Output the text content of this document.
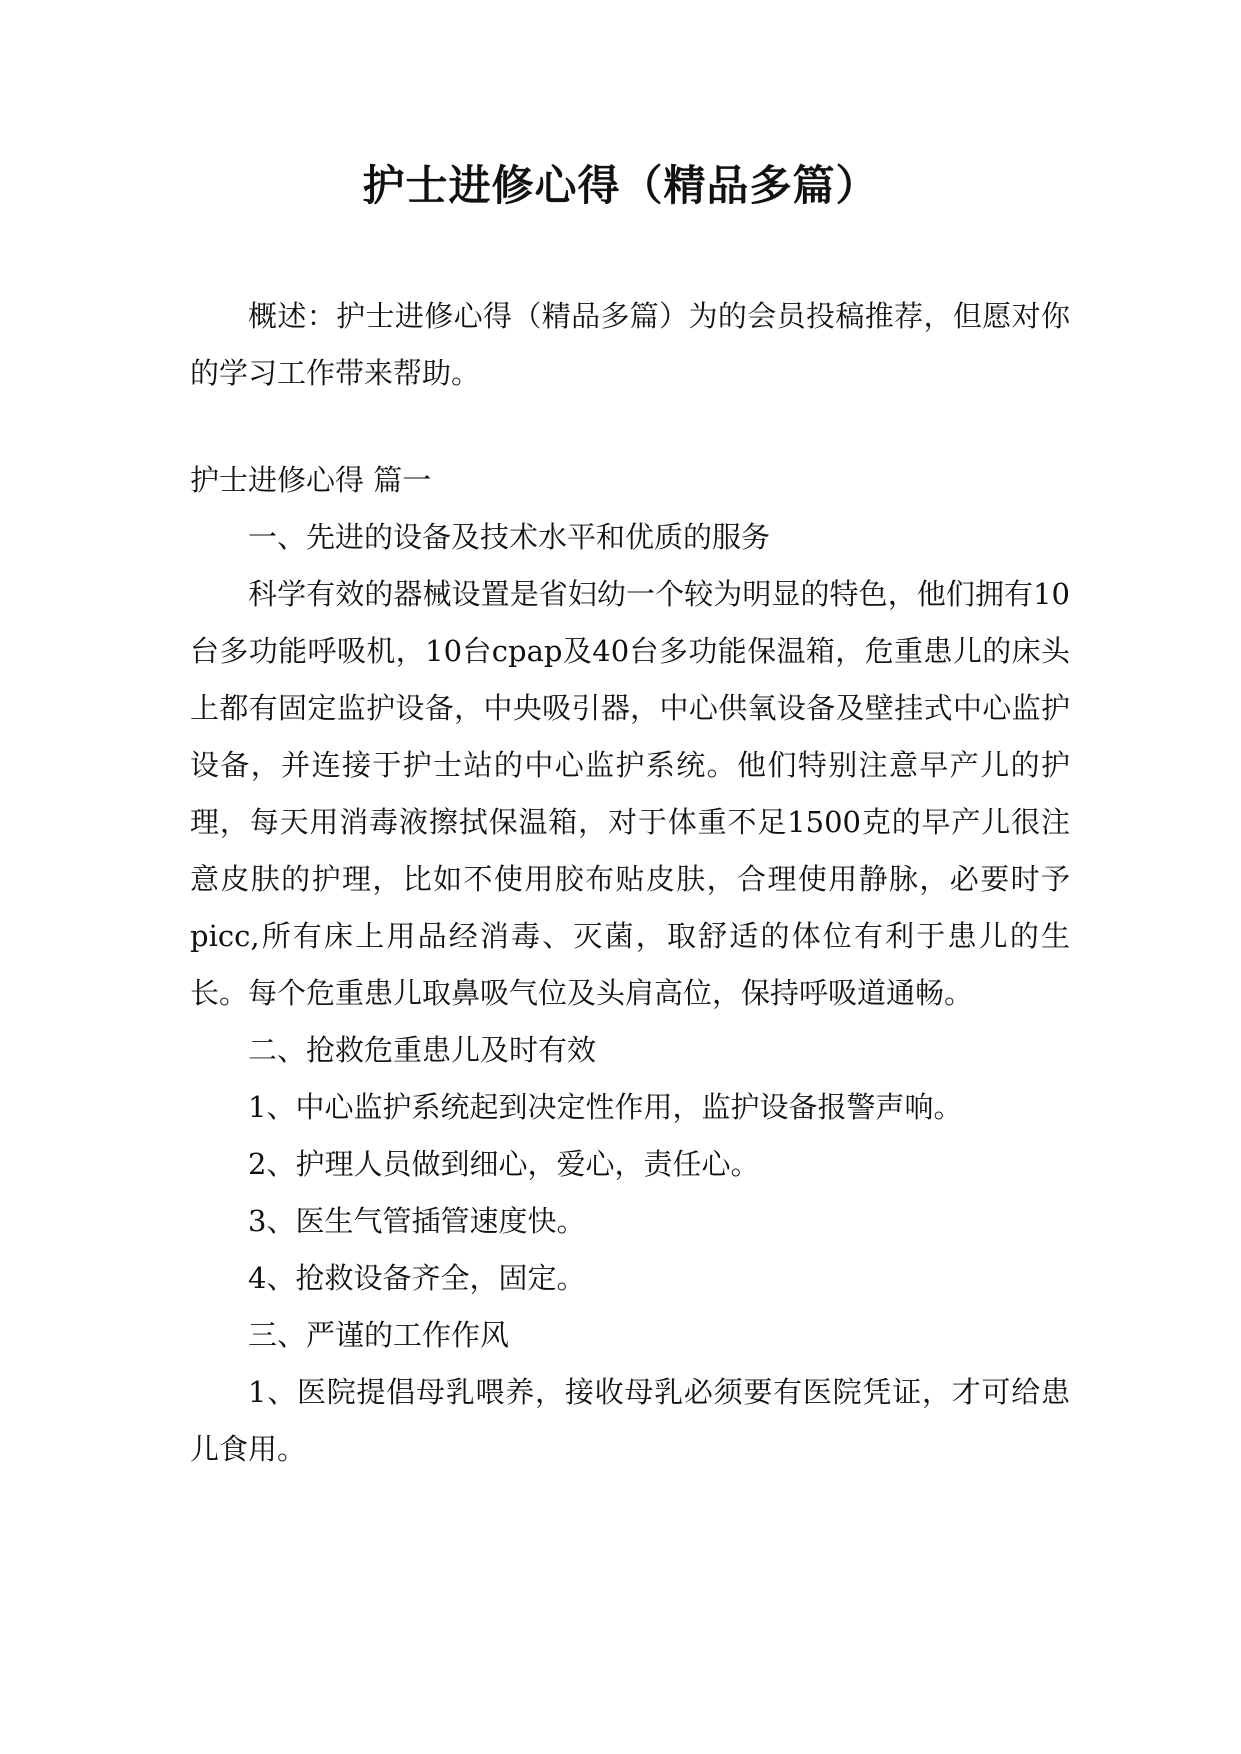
护士进修心得（精品多篇）

概述：护士进修心得（精品多篇）为的会员投稿推荐，但愿对你的学习工作带来帮助。

护士进修心得 篇一

一、先进的设备及技术水平和优质的服务

科学有效的器械设置是省妇幼一个较为明显的特色，他们拥有10台多功能呼吸机，10台cpap及40台多功能保温箱，危重患儿的床头上都有固定监护设备，中央吸引器，中心供氧设备及壁挂式中心监护设备，并连接于护士站的中心监护系统。他们特别注意早产儿的护理，每天用消毒液擦拭保温箱，对于体重不足1500克的早产儿很注意皮肤的护理，比如不使用胶布贴皮肤，合理使用静脉，必要时予picc,所有床上用品经消毒、灭菌，取舒适的体位有利于患儿的生长。每个危重患儿取鼻吸气位及头肩高位，保持呼吸道通畅。

二、抢救危重患儿及时有效

1、中心监护系统起到决定性作用，监护设备报警声响。

2、护理人员做到细心，爱心，责任心。

3、医生气管插管速度快。

4、抢救设备齐全，固定。

三、严谨的工作作风

1、医院提倡母乳喂养，接收母乳必须要有医院凭证，才可给患儿食用。
